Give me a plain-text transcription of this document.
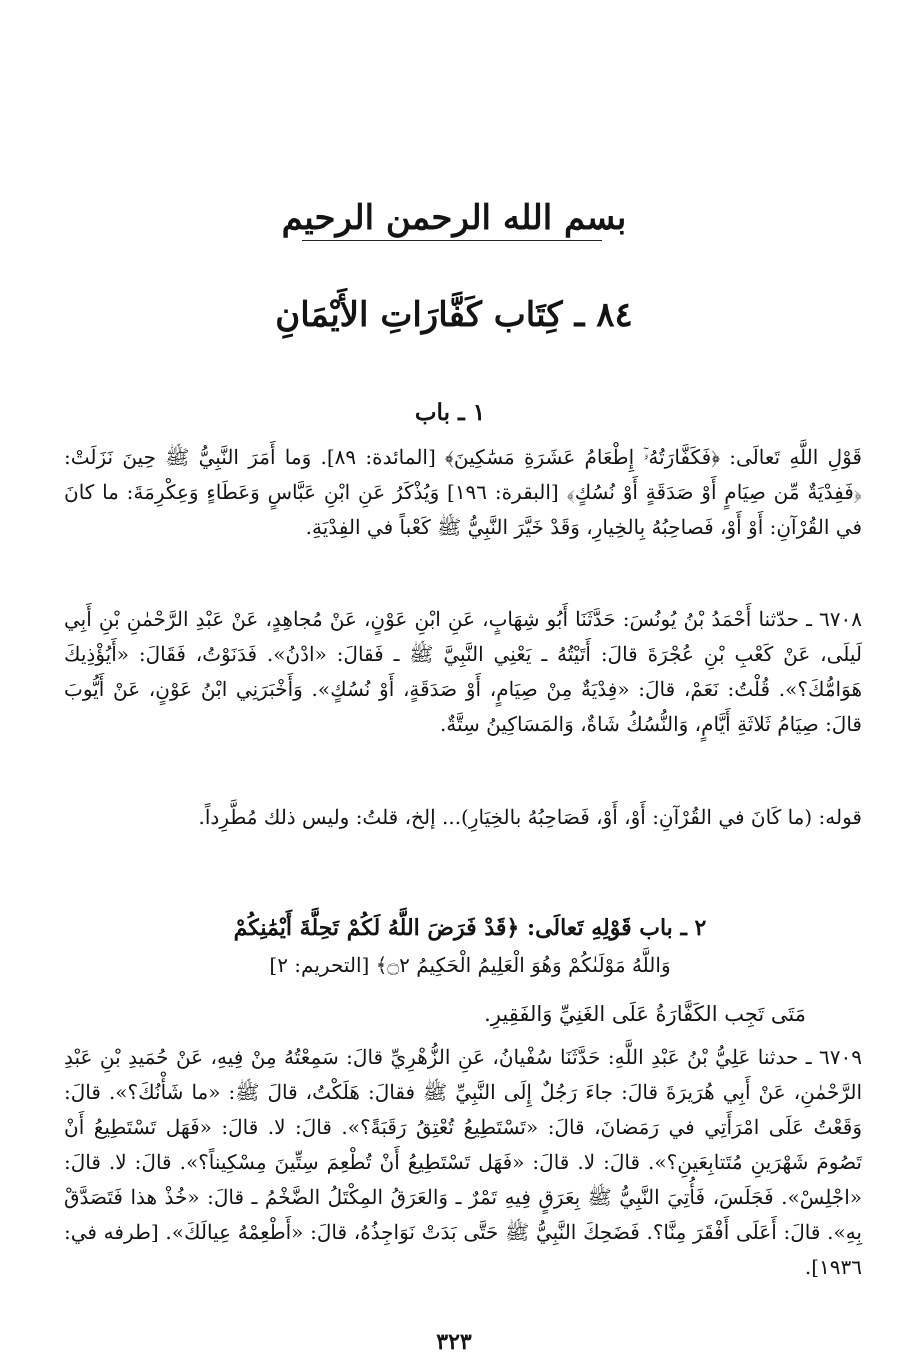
بسم الله الرحمن الرحيم
٨٤ ـ كِتَاب كَفَّارَاتِ الأَيْمَانِ
١ ـ باب

قَوْلِ اللَّهِ تَعالَى: ﴿فَكَفَّارَتُهُۥٓ إِطْعَامُ عَشَرَةِ مَسَٰكِينَ﴾ [المائدة: ٨٩]. وَما أَمَرَ النَّبِيُّ ﷺ حِينَ نَزَلَتْ: ﴿فَفِدْيَةٌ مِّن صِيَامٍ أَوْ صَدَقَةٍ أَوْ نُسُكٍ﴾ [البقرة: ١٩٦] وَيُذْكَرُ عَنِ ابْنِ عَبَّاسٍ وَعَطَاءٍ وَعِكْرِمَةَ: ما كانَ في القُرْآنِ: أَوْ أَوْ، فَصاحِبُهُ بِالخِيارِ، وَقَدْ خَيَّرَ النَّبِيُّ ﷺ كَعْباً في الفِدْيَةِ.

٦٧٠٨ ـ حدّثنا أَحْمَدُ بْنُ يُونُسَ: حَدَّثَنَا أَبُو شِهَابٍ، عَنِ ابْنِ عَوْنٍ، عَنْ مُجاهِدٍ، عَنْ عَبْدِ الرَّحْمٰنِ بْنِ أَبِي لَيلَى، عَنْ كَعْبِ بْنِ عُجْرَةَ قالَ: أَتَيْتُهُ ـ يَعْنِي النَّبِيَّ ﷺ ـ فَقالَ: «ادْنُ». فَدَنَوْتُ، فَقَالَ: «أَيُؤْذِيكَ هَوَامُّكَ؟». قُلْتُ: نَعَمْ، قالَ: «فِدْيَةٌ مِنْ صِيَامٍ، أَوْ صَدَقَةٍ، أَوْ نُسُكٍ». وَأَخْبَرَنِي ابْنُ عَوْنٍ، عَنْ أَيُّوبَ قالَ: صِيَامُ ثَلاثَةِ أَيَّامٍ، وَالنُّسُكُ شَاةٌ، وَالمَسَاكِينُ سِتَّةٌ.

قوله: (ما كَانَ في القُرْآنِ: أَوْ، أَوْ، فَصَاحِبُهُ بالخِيَارِ)... إلخ، قلتُ: وليس ذلك مُطَّرِداً.

٢ ـ باب قَوْلِهِ تَعالَى: ﴿قَدْ فَرَضَ اللَّهُ لَكُمْ تَحِلَّةَ أَيْمَٰنِكُمْ
وَاللَّهُ مَوْلَىٰكُمْ وَهُوَ الْعَلِيمُ الْحَكِيمُ ۝٢﴾ [التحريم: ٢]
مَتَى تَجِب الكَفَّارَةُ عَلَى الغَنِيِّ وَالفَقِيرِ.

٦٧٠٩ ـ حدثنا عَلِيُّ بْنُ عَبْدِ اللَّهِ: حَدَّثَنَا سُفْيانُ، عَنِ الزُّهْرِيِّ قالَ: سَمِعْتُهُ مِنْ فِيهِ، عَنْ حُمَيدِ بْنِ عَبْدِ الرَّحْمٰنِ، عَنْ أَبِي هُرَيرَةَ قالَ: جاءَ رَجُلٌ إِلَى النَّبِيِّ ﷺ فقالَ: هَلَكْتُ، قالَ ﷺ: «ما شَأْنُكَ؟». قالَ: وَقَعْتُ عَلَى امْرَأَتِي في رَمَضانَ، قالَ: «تَسْتَطِيعُ تُعْتِقُ رَقَبَةً؟». قالَ: لا. قالَ: «فَهَل تَسْتَطِيعُ أَنْ تَصُومَ شَهْرَينِ مُتَتابِعَينِ؟». قالَ: لا. قالَ: «فَهَل تَسْتَطِيعُ أَنْ تُطْعِمَ سِتِّينَ مِسْكِيناً؟». قالَ: لا. قالَ: «اجْلِسْ». فَجَلَسَ، فَأُتِيَ النَّبِيُّ ﷺ بِعَرَقٍ فِيهِ تَمْرٌ ـ وَالعَرَقُ المِكْتَلُ الضَّخْمُ ـ قالَ: «خُذْ هذا فَتَصَدَّقْ بِهِ». قالَ: أَعَلَى أَفْقَرَ مِنَّا؟. فَضَحِكَ النَّبِيُّ ﷺ حَتَّى بَدَتْ نَوَاجِذُهُ، قالَ: «أَطْعِمْهُ عِيالَكَ». [طرفه في: ١٩٣٦].

٣٢٣
